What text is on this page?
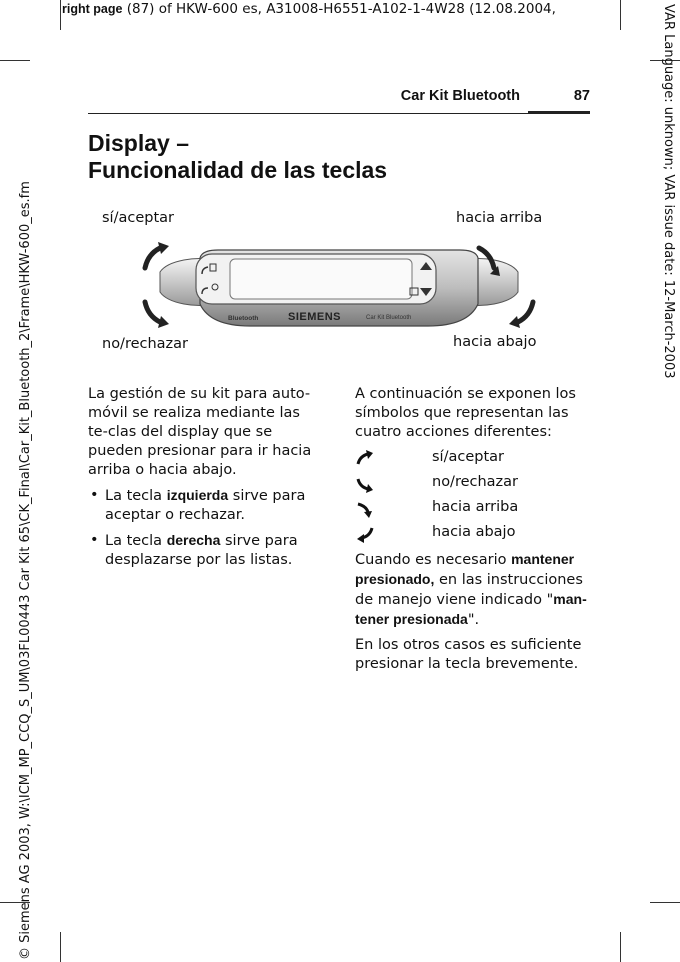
right page (87) of HKW-600 es, A31008-H6551-A102-1-4W28 (12.08.2004,
© Siemens AG 2003, W:\ICM_MP_CCQ_S_UM\03FL00443 Car Kit 65\CK_Final\Car_Kit_Bluetooth_2\Frame\HKW-600_es.fm	VAR Language: unknown; VAR issue date: 12-March-2003
Car Kit Bluetooth	87
Display –
Funcionalidad de las teclas
sí/aceptar	hacia arriba
no/rechazar	hacia abajo
Bluetooth	SIEMENS	Car Kit Bluetooth

La gestión de su kit para auto-móvil se realiza mediante las te-clas del display que se pueden presionar para ir hacia arriba o hacia abajo.

• La tecla izquierda sirve para aceptar o rechazar.
• La tecla derecha sirve para desplazarse por las listas.

A continuación se exponen los símbolos que representan las cuatro acciones diferentes:

sí/aceptar
no/rechazar
hacia arriba
hacia abajo

Cuando es necesario mantener presionado, en las instrucciones de manejo viene indicado "man-tener presionada".

En los otros casos es suficiente presionar la tecla brevemente.
